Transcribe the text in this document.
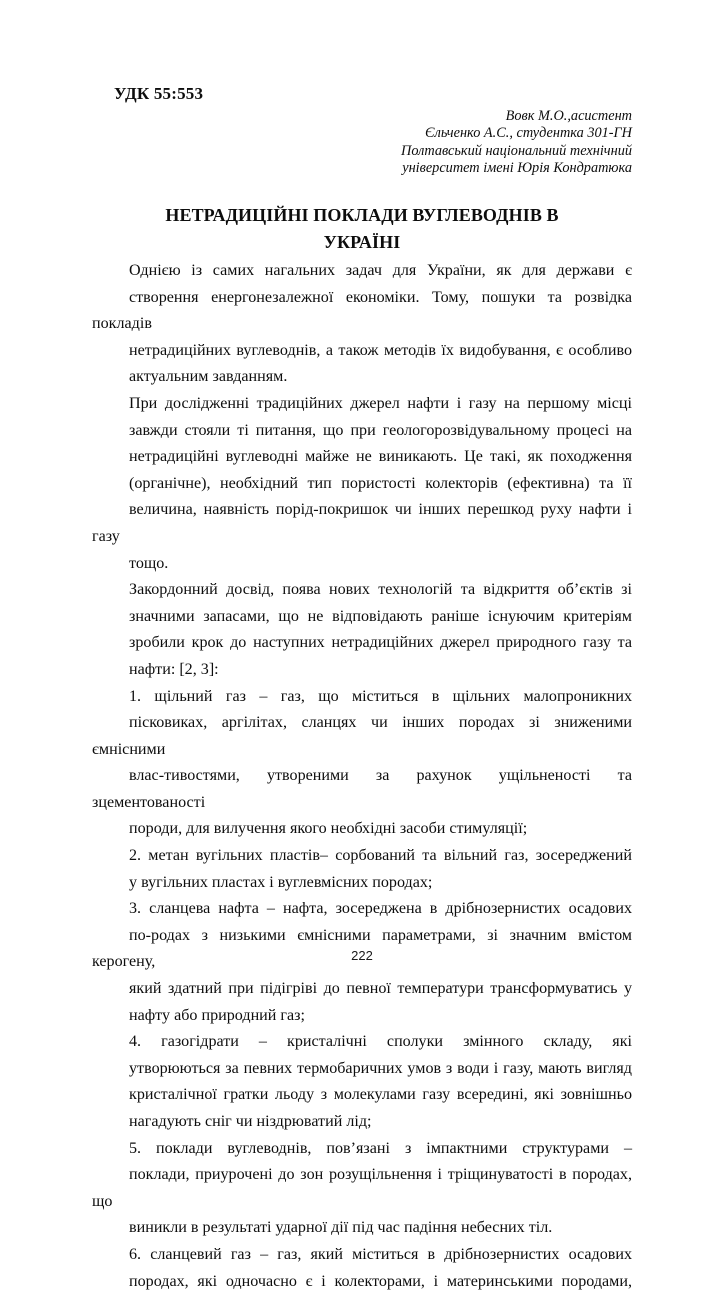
УДК 55:553
Вовк М.О.,асистент
Єльченко А.С., студентка 301-ГН
Полтавський національний технічний
університет імені Юрія Кондратюка
НЕТРАДИЦІЙНІ ПОКЛАДИ ВУГЛЕВОДНІВ В
УКРАЇНІ

Однією із самих нагальних задач для України, як для держави є
створення енергонезалежної економіки. Тому, пошуки та розвідка покладів
нетрадиційних вуглеводнів, а також методів їх видобування, є особливо
актуальним завданням.

При дослідженні традиційних джерел нафти і газу на першому місці
завжди стояли ті питання, що при геологорозвідувальному процесі на
нетрадиційні вуглеводні майже не виникають. Це такі, як походження
(органічне), необхідний тип пористості колекторів (ефективна) та її
величина, наявність порід-покришок чи інших перешкод руху нафти і газу
тощо.

Закордонний досвід, поява нових технологій та відкриття об’єктів зі
значними запасами, що не відповідають раніше існуючим критеріям
зробили крок до наступних нетрадиційних джерел природного газу та
нафти: [2, 3]:

1. щільний газ – газ, що міститься в щільних малопроникних
пісковиках, аргілітах, сланцях чи інших породах зі зниженими ємнісними
влас-тивостями, утвореними за рахунок ущільненості та зцементованості
породи, для вилучення якого необхідні засоби стимуляції;

2. метан вугільних пластів– сорбований та вільний газ, зосереджений
у вугільних пластах і вуглевмісних породах;

3. сланцева нафта – нафта, зосереджена в дрібнозернистих осадових
по-родах з низькими ємнісними параметрами, зі значним вмістом керогену,
який здатний при підігріві до певної температури трансформуватись у
нафту або природний газ;

4. газогідрати – кристалічні сполуки змінного складу, які
утворюються за певних термобаричних умов з води і газу, мають вигляд
кристалічної гратки льоду з молекулами газу всередині, які зовнішньо
нагадують сніг чи ніздрюватий лід;

5. поклади вуглеводнів, пов’язані з імпактними структурами –
поклади, приурочені до зон розущільнення і тріщинуватості в породах, що
виникли в результаті ударної дії під час падіння небесних тіл.

6. сланцевий газ – газ, який міститься в дрібнозернистих осадових
породах, які одночасно є і колекторами, і материнськими породами,

222
